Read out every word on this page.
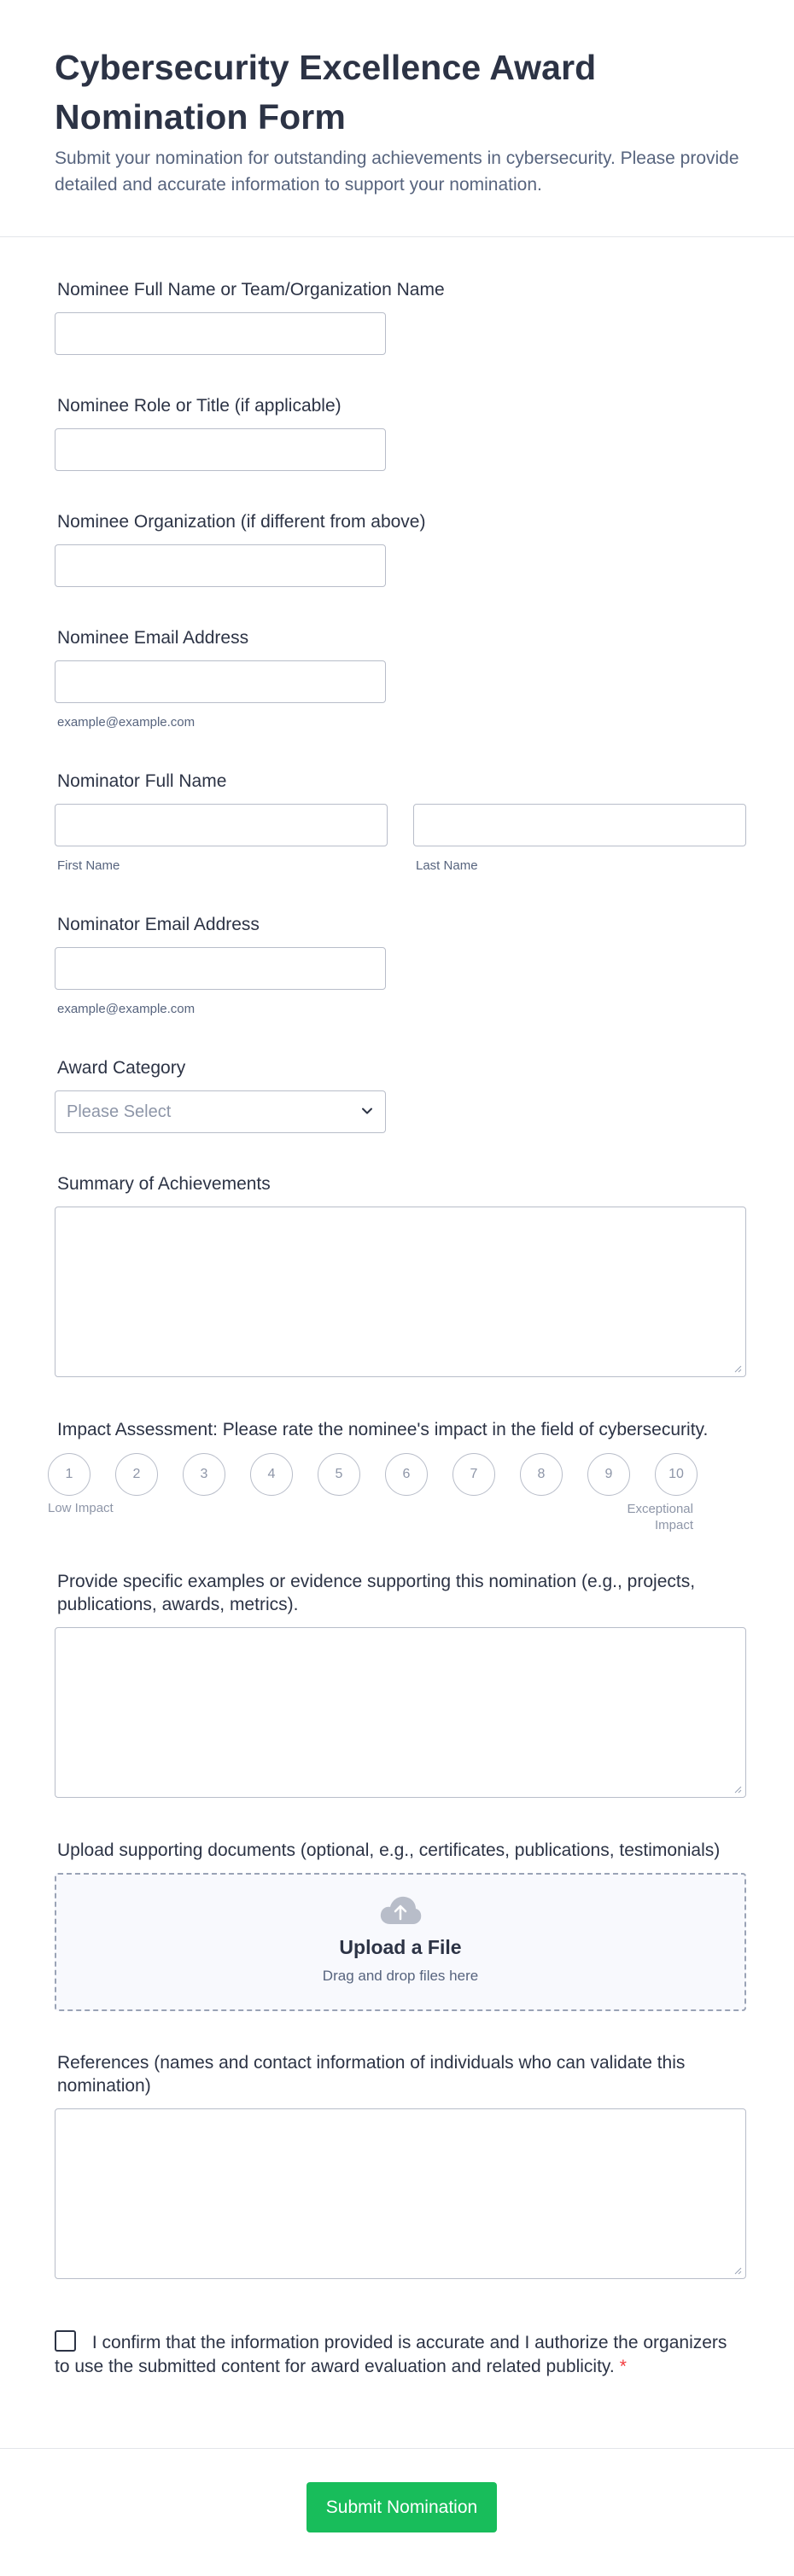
Cybersecurity Excellence Award Nomination Form

Submit your nomination for outstanding achievements in cybersecurity. Please provide detailed and accurate information to support your nomination.

Nominee Full Name or Team/Organization Name
Nominee Role or Title (if applicable)
Nominee Organization (if different from above)
Nominee Email Address
example@example.com
Nominator Full Name
First Name	Last Name
Nominator Email Address
example@example.com
Award Category
Please Select
Summary of Achievements
Impact Assessment: Please rate the nominee's impact in the field of cybersecurity.
1	2	3	4	5	6	7	8	9	10
Low Impact	Exceptional Impact
Provide specific examples or evidence supporting this nomination (e.g., projects, publications, awards, metrics).
Upload supporting documents (optional, e.g., certificates, publications, testimonials)
Upload a File
Drag and drop files here
References (names and contact information of individuals who can validate this nomination)
I confirm that the information provided is accurate and I authorize the organizers to use the submitted content for award evaluation and related publicity. *
Submit Nomination
